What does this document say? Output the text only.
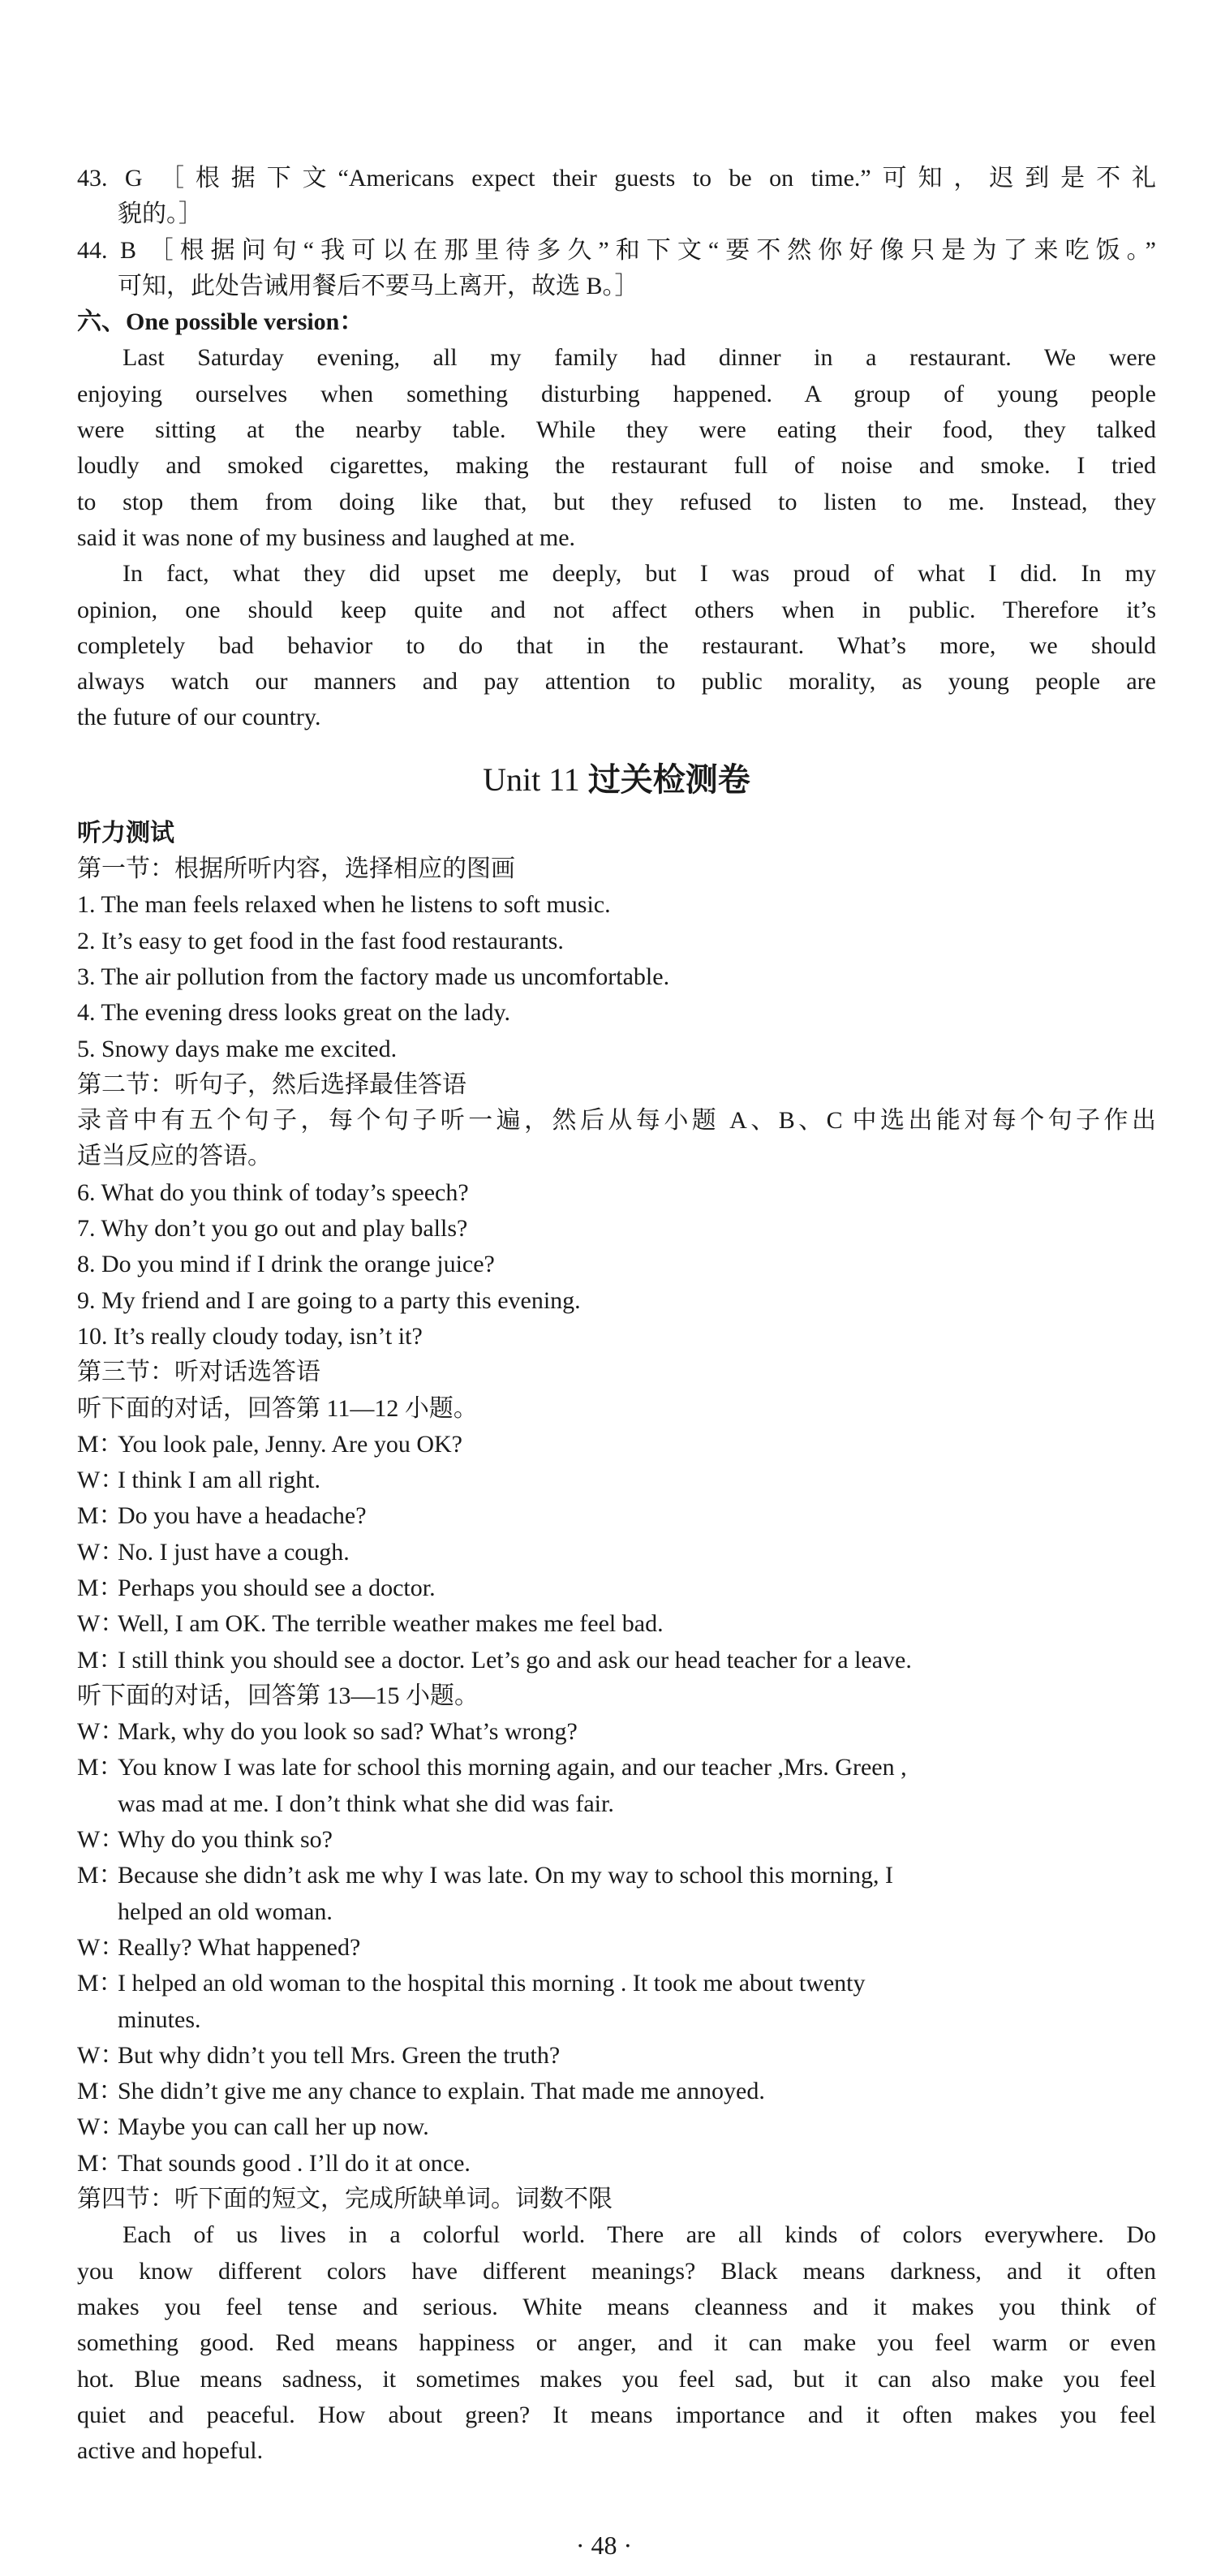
43. G ［根据下文“Americans expect their guests to be on time.”可知，迟到是不礼
貌的。］
44. B ［根据问句“我可以在那里待多久”和下文“要不然你好像只是为了来吃饭。”
可知，此处告诫用餐后不要马上离开，故选 B。］
六、One possible version：
Last Saturday evening, all my family had dinner in a restaurant. We were
enjoying ourselves when something disturbing happened. A group of young people
were sitting at the nearby table. While they were eating their food, they talked
loudly and smoked cigarettes, making the restaurant full of noise and smoke. I tried
to stop them from doing like that, but they refused to listen to me. Instead, they
said it was none of my business and laughed at me.
In fact, what they did upset me deeply, but I was proud of what I did. In my
opinion, one should keep quite and not affect others when in public. Therefore it’s
completely bad behavior to do that in the restaurant. What’s more, we should
always watch our manners and pay attention to public morality, as young people are
the future of our country.
Unit 11 过关检测卷
听力测试
第一节：根据所听内容，选择相应的图画
1. The man feels relaxed when he listens to soft music.
2. It’s easy to get food in the fast food restaurants.
3. The air pollution from the factory made us uncomfortable.
4. The evening dress looks great on the lady.
5. Snowy days make me excited.
第二节：听句子，然后选择最佳答语
录音中有五个句子，每个句子听一遍，然后从每小题 A、B、C 中选出能对每个句子作出
适当反应的答语。
6. What do you think of today’s speech?
7. Why don’t you go out and play balls?
8. Do you mind if I drink the orange juice?
9. My friend and I are going to a party this evening.
10. It’s really cloudy today, isn’t it?
第三节：听对话选答语
听下面的对话，回答第 11—12 小题。
M：You look pale, Jenny. Are you OK?
W：I think I am all right.
M：Do you have a headache?
W：No. I just have a cough.
M：Perhaps you should see a doctor.
W：Well, I am OK. The terrible weather makes me feel bad.
M：I still think you should see a doctor. Let’s go and ask our head teacher for a leave.
听下面的对话，回答第 13—15 小题。
W：Mark, why do you look so sad? What’s wrong?
M：You know I was late for school this morning again, and our teacher ,Mrs. Green ,
was mad at me. I don’t think what she did was fair.
W：Why do you think so?
M：Because she didn’t ask me why I was late. On my way to school this morning, I
helped an old woman.
W：Really? What happened?
M：I helped an old woman to the hospital this morning . It took me about twenty
minutes.
W：But why didn’t you tell Mrs. Green the truth?
M：She didn’t give me any chance to explain. That made me annoyed.
W：Maybe you can call her up now.
M：That sounds good . I’ll do it at once.
第四节：听下面的短文，完成所缺单词。词数不限
Each of us lives in a colorful world. There are all kinds of colors everywhere. Do
you know different colors have different meanings? Black means darkness, and it often
makes you feel tense and serious. White means cleanness and it makes you think of
something good. Red means happiness or anger, and it can make you feel warm or even
hot. Blue means sadness, it sometimes makes you feel sad, but it can also make you feel
quiet and peaceful. How about green? It means importance and it often makes you feel
active and hopeful.
· 48 ·
